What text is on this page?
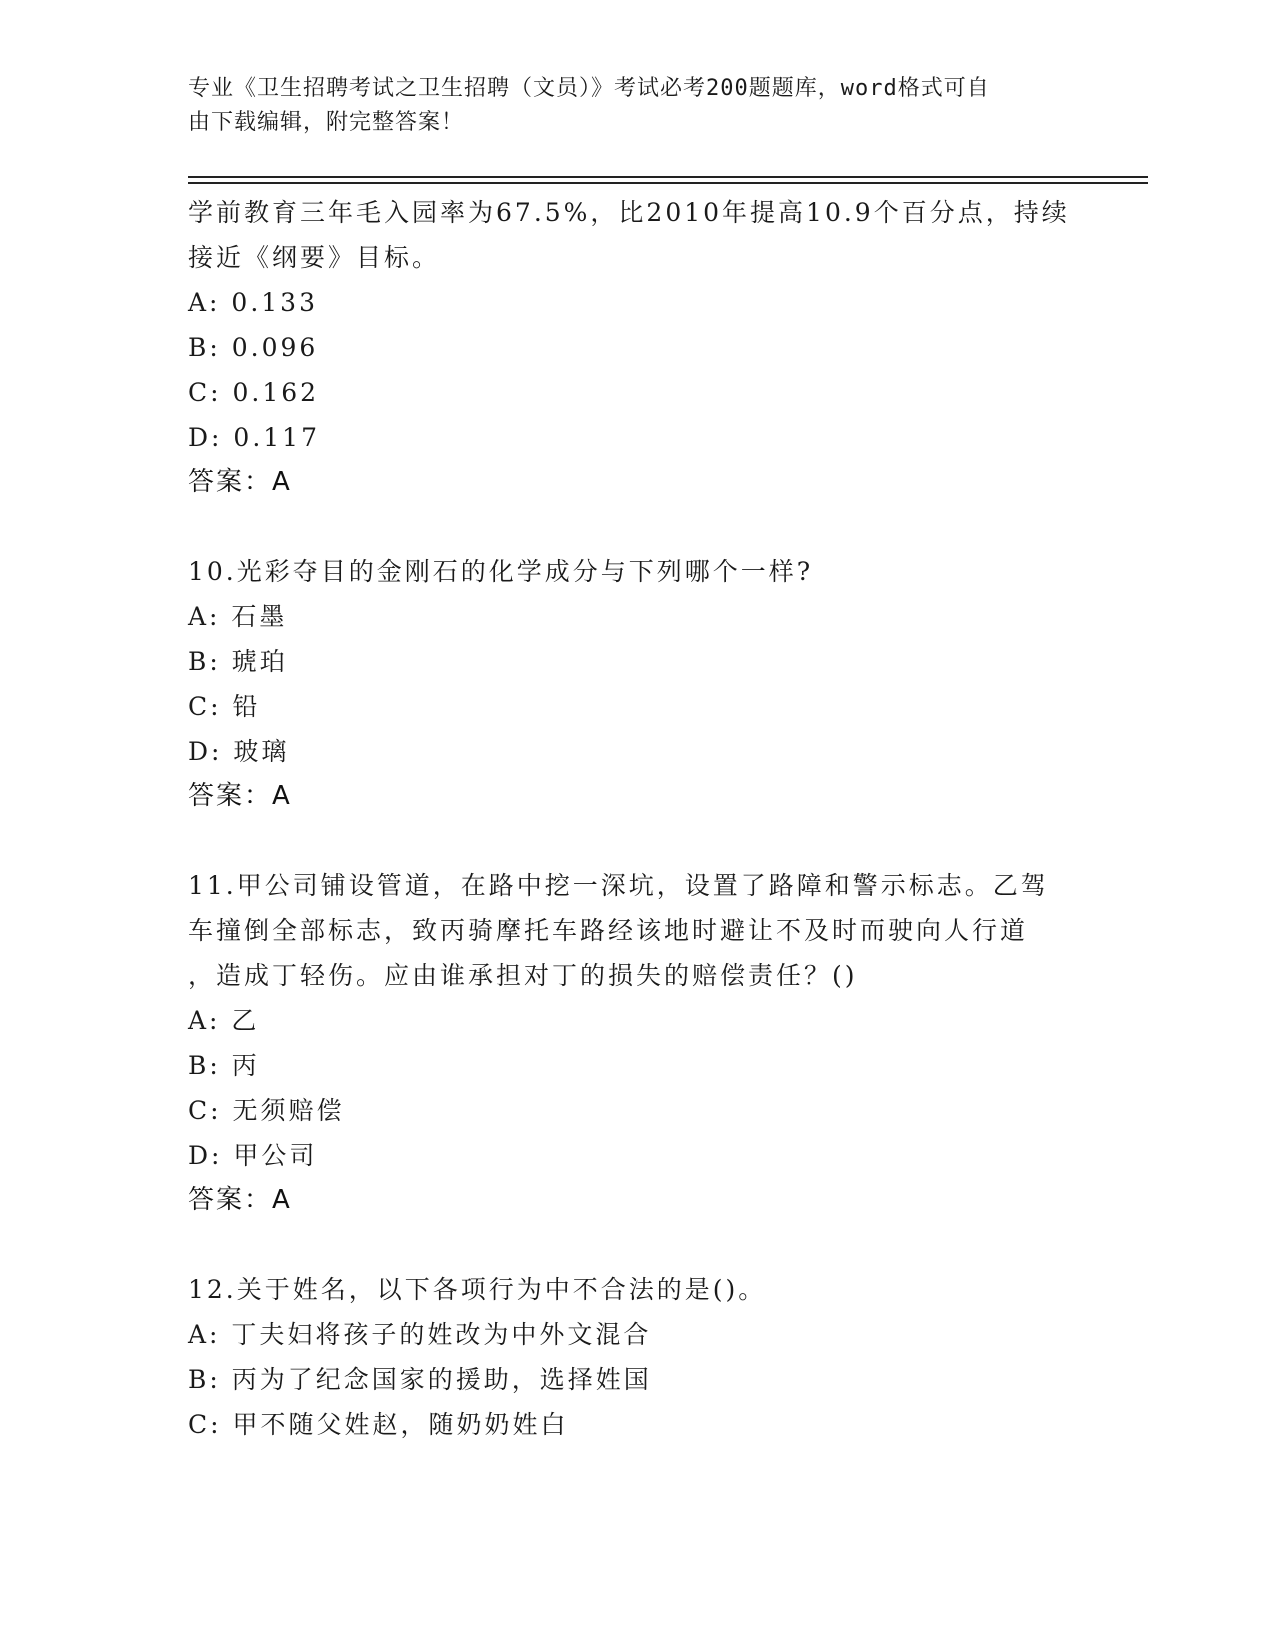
专业《卫生招聘考试之卫生招聘（文员）》考试必考200题题库，word格式可自
由下载编辑，附完整答案！
学前教育三年毛入园率为67.5%，比2010年提高10.9个百分点，持续
接近《纲要》目标。
A: 0.133
B: 0.096
C: 0.162
D: 0.117
答案：A
10.光彩夺目的金刚石的化学成分与下列哪个一样?
A: 石墨
B: 琥珀
C: 铅
D: 玻璃
答案：A
11.甲公司铺设管道，在路中挖一深坑，设置了路障和警示标志。乙驾
车撞倒全部标志，致丙骑摩托车路经该地时避让不及时而驶向人行道
，造成丁轻伤。应由谁承担对丁的损失的赔偿责任？()
A: 乙
B: 丙
C: 无须赔偿
D: 甲公司
答案：A
12.关于姓名，以下各项行为中不合法的是()。
A: 丁夫妇将孩子的姓改为中外文混合
B: 丙为了纪念国家的援助，选择姓国
C: 甲不随父姓赵，随奶奶姓白
